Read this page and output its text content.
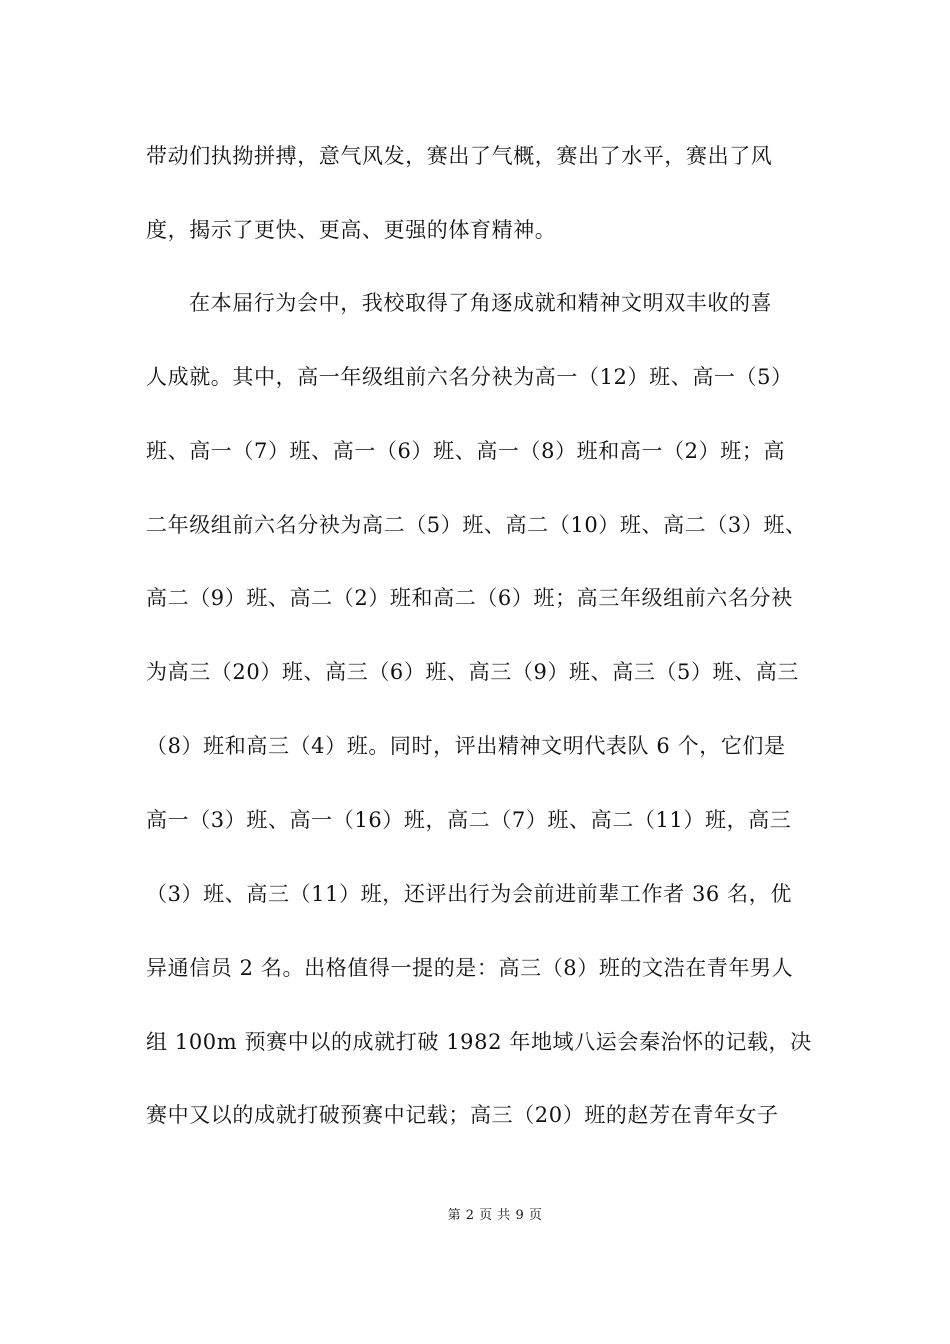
带动们执拗拼搏，意气风发，赛出了气概，赛出了水平，赛出了风
度，揭示了更快、更高、更强的体育精神。
在本届行为会中，我校取得了角逐成就和精神文明双丰收的喜
人成就。其中，高一年级组前六名分袂为高一（12）班、高一（5）
班、高一（7）班、高一（6）班、高一（8）班和高一（2）班；高
二年级组前六名分袂为高二（5）班、高二（10）班、高二（3）班、
高二（9）班、高二（2）班和高二（6）班；高三年级组前六名分袂
为高三（20）班、高三（6）班、高三（9）班、高三（5）班、高三
（8）班和高三（4）班。同时，评出精神文明代表队 6 个，它们是
高一（3）班、高一（16）班，高二（7）班、高二（11）班，高三
（3）班、高三（11）班，还评出行为会前进前辈工作者 36 名，优
异通信员 2 名。出格值得一提的是：高三（8）班的文浩在青年男人
组 100m 预赛中以的成就打破 1982 年地域八运会秦治怀的记载，决
赛中又以的成就打破预赛中记载；高三（20）班的赵芳在青年女子
第 2 页 共 9 页
